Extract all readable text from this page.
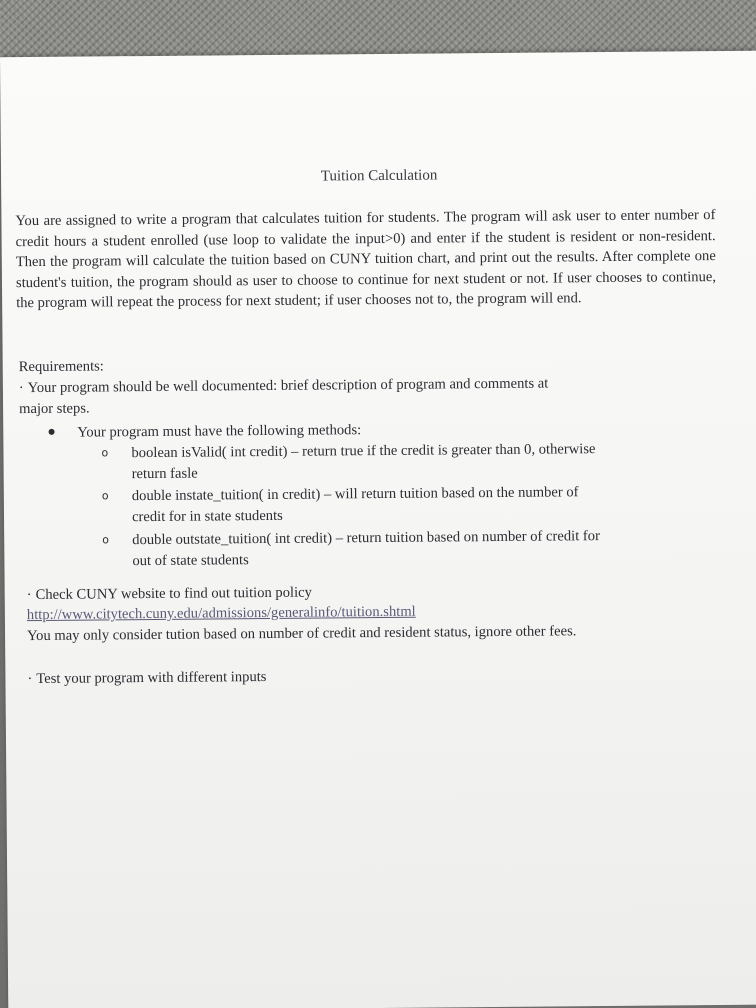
Tuition Calculation

You are assigned to write a program that calculates tuition for students. The program will ask user to enter number of credit hours a student enrolled (use loop to validate the input>0) and enter if the student is resident or non-resident. Then the program will calculate the tuition based on CUNY tuition chart, and print out the results. After complete one student's tuition, the program should as user to choose to continue for next student or not. If user chooses to continue, the program will repeat the process for next student; if user chooses not to, the program will end.

Requirements:

· Your program should be well documented: brief description of program and comments at

major steps.

● Your program must have the following methods:

o boolean isValid( int credit) – return true if the credit is greater than 0, otherwise
return fasle
o double instate_tuition( in credit) – will return tuition based on the number of
credit for in state students
o double outstate_tuition( int credit) – return tuition based on number of credit for
out of state students

· Check CUNY website to find out tuition policy

http://www.citytech.cuny.edu/admissions/generalinfo/tuition.shtml

You may only consider tution based on number of credit and resident status, ignore other fees.

· Test your program with different inputs
